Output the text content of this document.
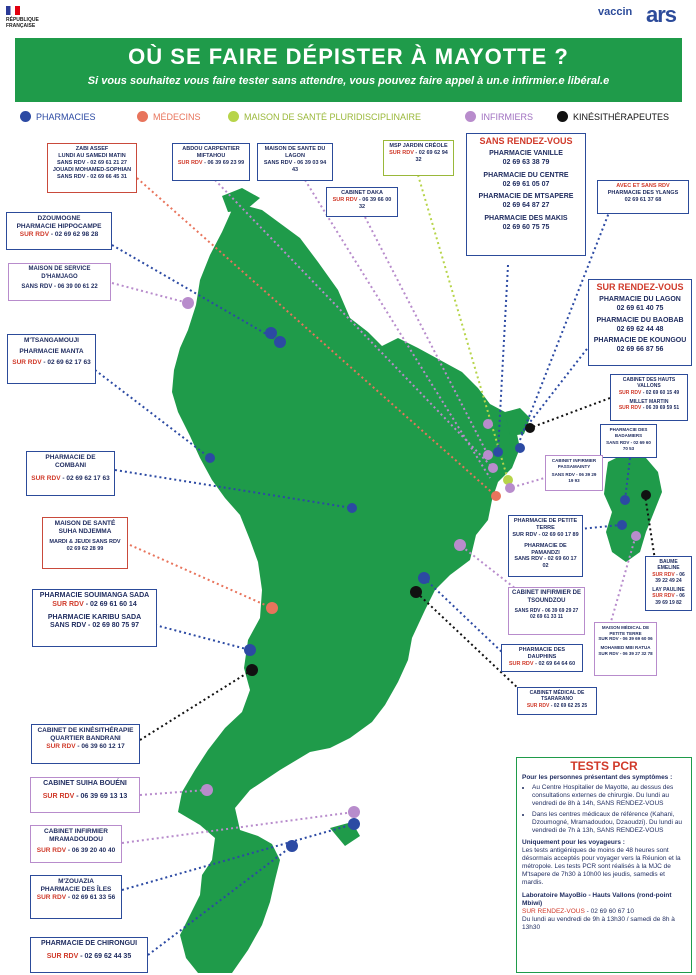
RÉPUBLIQUE FRANÇAISE
vaccin ars
OÙ SE FAIRE DÉPISTER À MAYOTTE ?

Si vous souhaitez vous faire tester sans attendre, vous pouvez faire appel à un.e infirmier.e libéral.e

PHARMACIES	MÉDECINS	MAISON DE SANTÉ PLURIDISCIPLINAIRE	INFIRMIERS	KINÉSITHÉRAPEUTES
ZABI ASSEF
LUNDI AU SAMEDI MATIN
SANS RDV - 02 69 61 21 27
JOUADI MOHAMED-SOPHIAN
SANS RDV - 02 69 66 45 31
ABDOU CARPENTIER MIFTAHOU
SUR RDV - 06 39 69 23 99
MAISON DE SANTE DU LAGON
SANS RDV - 06 39 03 94 43
MSP JARDIN CRÉOLE
SUR RDV - 02 69 62 94 32
CABINET DAKA
SUR RDV - 06 39 66 00 32
SANS RENDEZ-VOUS
PHARMACIE VANILLE
02 69 63 38 79
PHARMACIE DU CENTRE
02 69 61 05 07
PHARMACIE DE MTSAPERE
02 69 64 87 27
PHARMACIE DES MAKIS
02 69 60 75 75
AVEC ET SANS RDV
PHARMACIE DES YLANGS
02 69 61 37 68
DZOUMOGNE
PHARMACIE HIPPOCAMPE
SUR RDV - 02 69 62 98 28
MAISON DE SERVICE D'HAMJAGO
SANS RDV - 06 39 00 61 22
M'TSANGAMOUJI
PHARMACIE MANTA
SUR RDV - 02 69 62 17 63
SUR RENDEZ-VOUS
PHARMACIE DU LAGON
02 69 61 40 75
PHARMACIE DU BAOBAB
02 69 62 44 48
PHARMACIE DE KOUNGOU
02 69 66 87 56
CABINET DES HAUTS VALLONS
SUR RDV - 02 69 60 15 49
MILLET MARTIN
SUR RDV - 06 39 69 59 51
PHARMACIE DES BADAMIERS
SANS RDV - 02 69 60 70 53
CABINET INFIRMIER PASSAMAINTY
SANS RDV - 06 39 29 19 93
PHARMACIE DE COMBANI
SUR RDV - 02 69 62 17 63
PHARMACIE DE PETITE TERRE
SUR RDV - 02 69 60 17 89
PHARMACIE DE PAMANDZI
SANS RDV - 02 69 60 17 02
BAUME EMELINE
SUR RDV - 06 39 22 49 24
LAY PAULINE
SUR RDV - 06 39 69 19 82
MAISON DE SANTÉ SUHA NDJEMMA
MARDI & JEUDI SANS RDV
02 69 62 28 99
CABINET INFIRMIER DE TSOUNDZOU
SANS RDV - 06 39 69 29 27
02 69 61 33 11
PHARMACIE SOUIMANGA SADA
SUR RDV - 02 69 61 60 14
PHARMACIE KARIBU SADA
SANS RDV - 02 69 80 75 97
PHARMACIE DES DAUPHINS
SUR RDV - 02 69 64 64 60
MAISON MÉDICAL DE PETITE TERRE
SUR RDV - 06 39 69 60 06
MOHAMED MBI RATUA
SUR RDV - 06 39 27 32 78
CABINET MÉDICAL DE TSARARANO
SUR RDV - 02 69 62 25 25
CABINET DE KINÉSITHÉRAPIE QUARTIER BANDRANI
SUR RDV - 06 39 60 12 17
CABINET SUIHA BOUÉNI
SUR RDV - 06 39 69 13 13
CABINET INFIRMIER MRAMADOUDOU
SUR RDV - 06 39 20 40 40
M'ZOUAZIA
PHARMACIE DES ÎLES
SUR RDV - 02 69 61 33 56
PHARMACIE DE CHIRONGUI
SUR RDV - 02 69 62 44 35
TESTS PCR
Pour les personnes présentant des symptômes :
• Au Centre Hospitalier de Mayotte, au dessus des consultations externes de chirurgie. Du lundi au vendredi de 8h à 14h, SANS RENDEZ-VOUS
• Dans les centres médicaux de référence (Kahani, Dzoumogné, Mramadoudou, Dzaoudzi). Du lundi au vendredi de 7h à 13h, SANS RENDEZ-VOUS
Uniquement pour les voyageurs :
Les tests antigéniques de moins de 48 heures sont désormais acceptés pour voyager vers la Réunion et la métropole. Les tests PCR sont réalisés à la MJC de M'tsapere de 7h30 à 10h00 les jeudis, samedis et mardis.
Laboratoire MayoBio - Hauts Vallons (rond-point Mbiwi)
SUR RENDEZ-VOUS - 02 69 60 67 10
Du lundi au vendredi de 9h à 13h30 / samedi de 8h à 13h30
